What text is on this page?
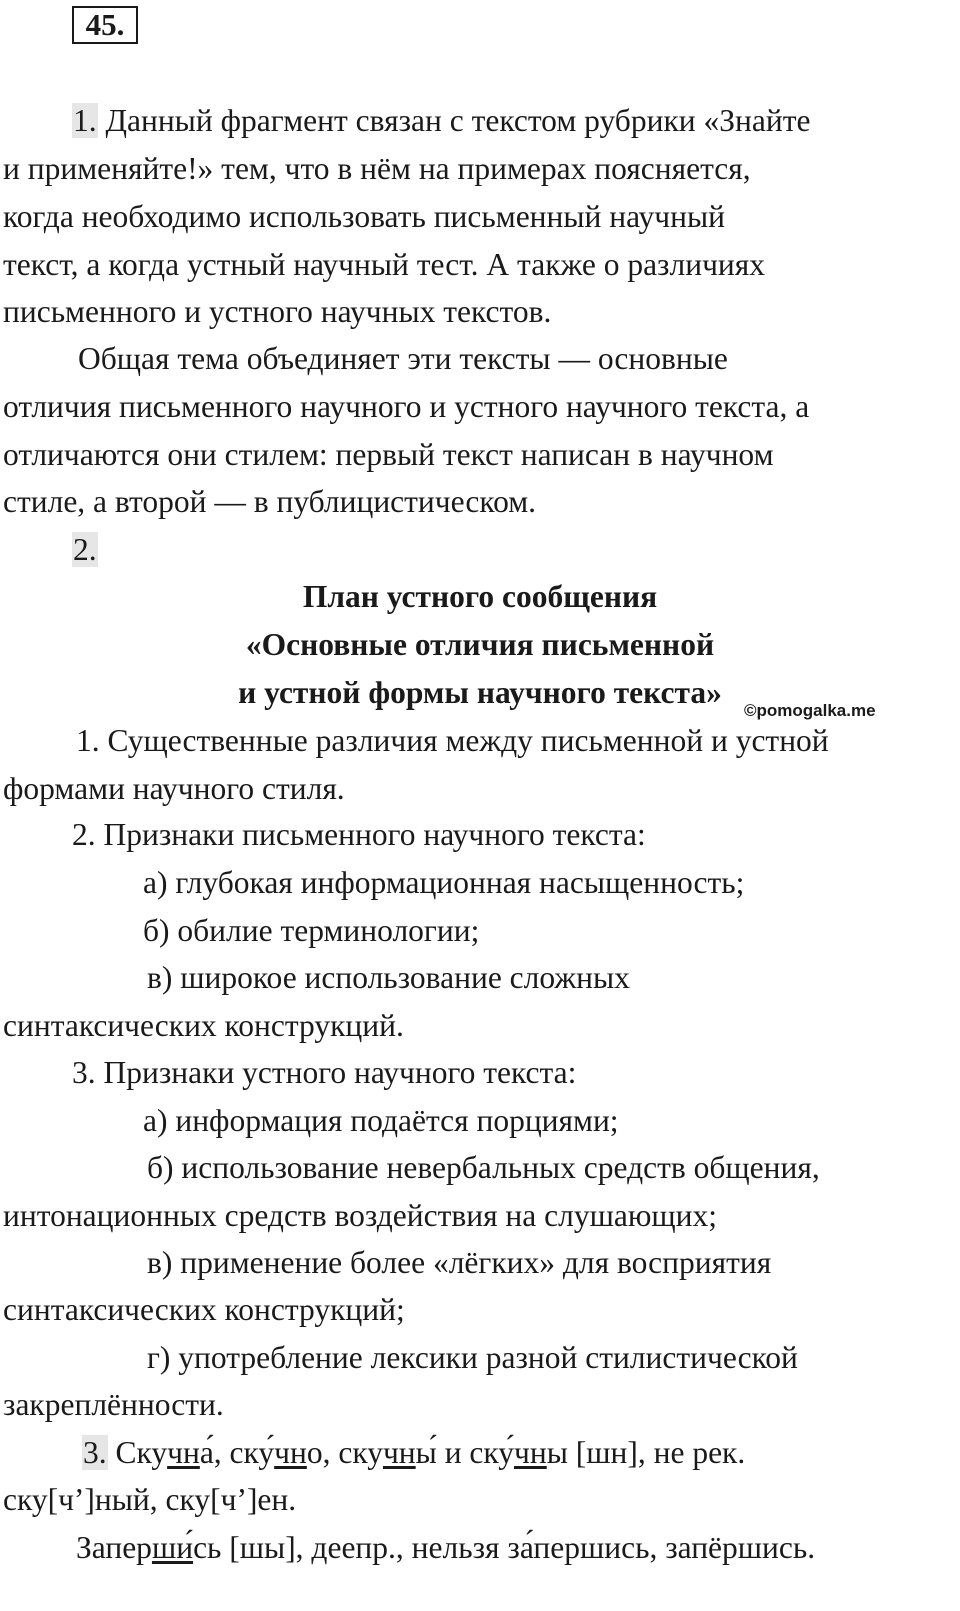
45.
1. Данный фрагмент связан с текстом рубрики «Знайте
и применяйте!» тем, что в нём на примерах поясняется,
когда необходимо использовать письменный научный
текст, а когда устный научный тест. А также о различиях
письменного и устного научных текстов.
Общая тема объединяет эти тексты — основные
отличия письменного научного и устного научного текста, а
отличаются они стилем: первый текст написан в научном
стиле, а второй — в публицистическом.
2.
План устного сообщения
«Основные отличия письменной
и устной формы научного текста»
©pomogalka.me
1. Существенные различия между письменной и устной
формами научного стиля.
2. Признаки письменного научного текста:
а) глубокая информационная насыщенность;
б) обилие терминологии;
в) широкое использование сложных
синтаксических конструкций.
3. Признаки устного научного текста:
а) информация подаётся порциями;
б) использование невербальных средств общения,
интонационных средств воздействия на слушающих;
в) применение более «лёгких» для восприятия
синтаксических конструкций;
г) употребление лексики разной стилистической
закреплённости.
3. Скучна́, ску́чно, скучны́ и ску́чны [шн], не рек.
ску[ч’]ный, ску[ч’]ен.
Заперши́сь [шы], деепр., нельзя за́першись, запёршись.
